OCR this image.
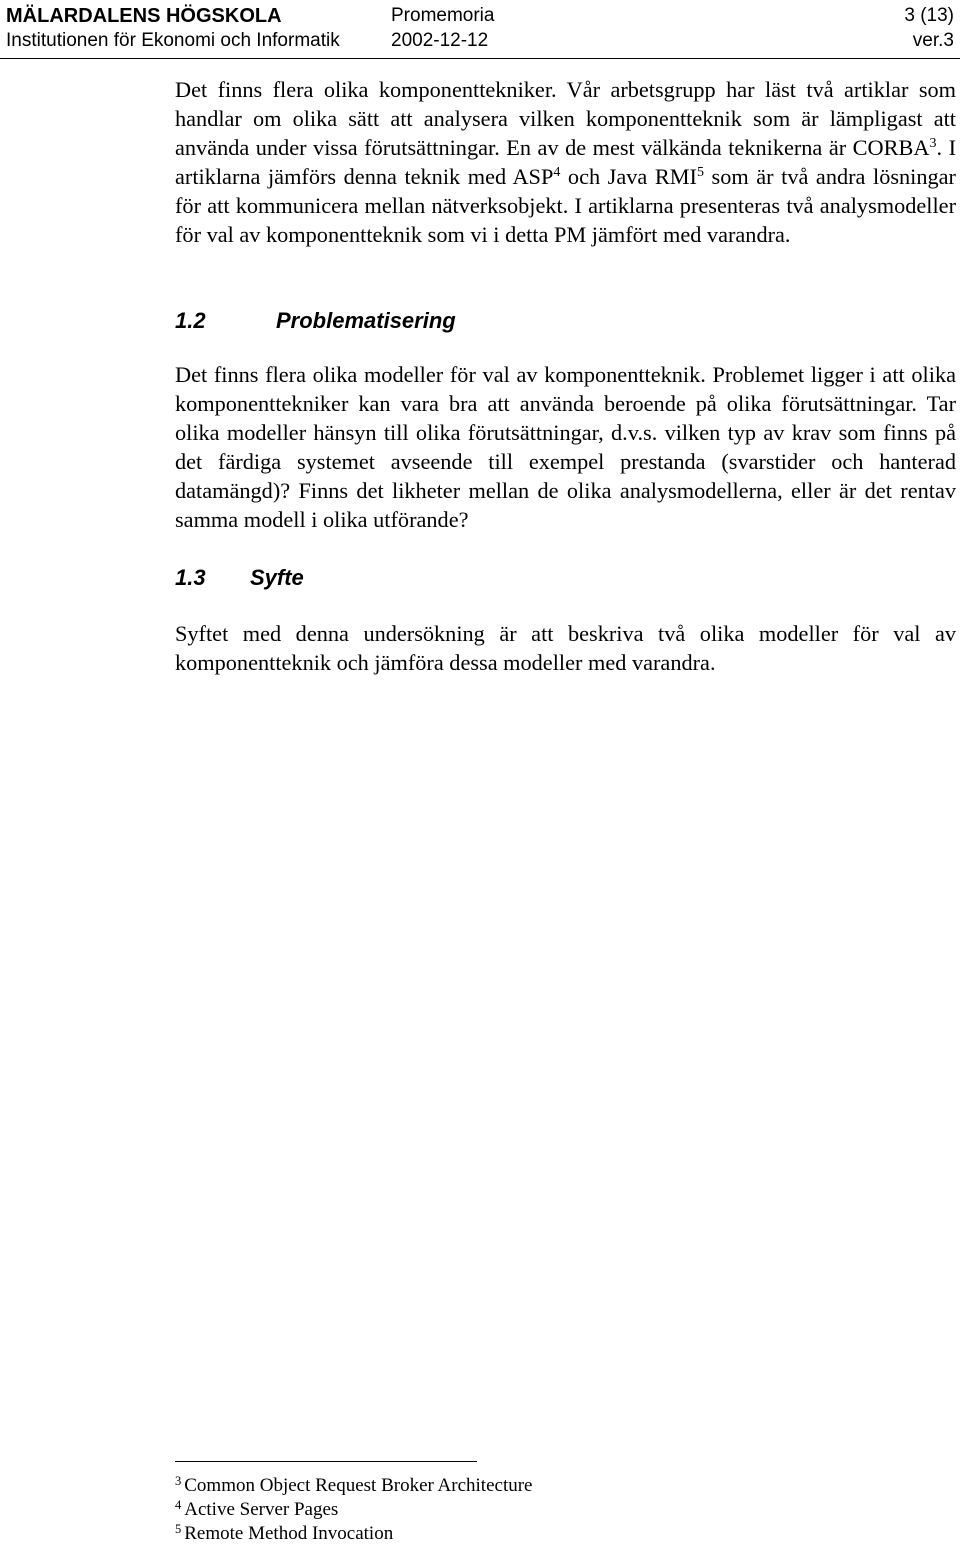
MÄLARDALENS HÖGSKOLA
Institutionen för Ekonomi och Informatik
Promemoria
2002-12-12
3 (13)
ver.3

Det finns flera olika komponenttekniker. Vår arbetsgrupp har läst två artiklar som handlar om olika sätt att analysera vilken komponentteknik som är lämpligast att använda under vissa förutsättningar. En av de mest välkända teknikerna är CORBA$^3$. I artiklarna jämförs denna teknik med ASP$^4$ och Java RMI$^5$ som är två andra lösningar för att kommunicera mellan nätverksobjekt. I artiklarna presenteras två analysmodeller för val av komponentteknik som vi i detta PM jämfört med varandra.

1.2	Problematisering

Det finns flera olika modeller för val av komponentteknik. Problemet ligger i att olika komponenttekniker kan vara bra att använda beroende på olika förutsättningar. Tar olika modeller hänsyn till olika förutsättningar, d.v.s. vilken typ av krav som finns på det färdiga systemet avseende till exempel prestanda (svarstider och hanterad datamängd)? Finns det likheter mellan de olika analysmodellerna, eller är det rentav samma modell i olika utförande?

1.3 Syfte

Syftet med denna undersökning är att beskriva två olika modeller för val av komponentteknik och jämföra dessa modeller med varandra.

$^3$ Common Object Request Broker Architecture
$^4$ Active Server Pages
$^5$ Remote Method Invocation
